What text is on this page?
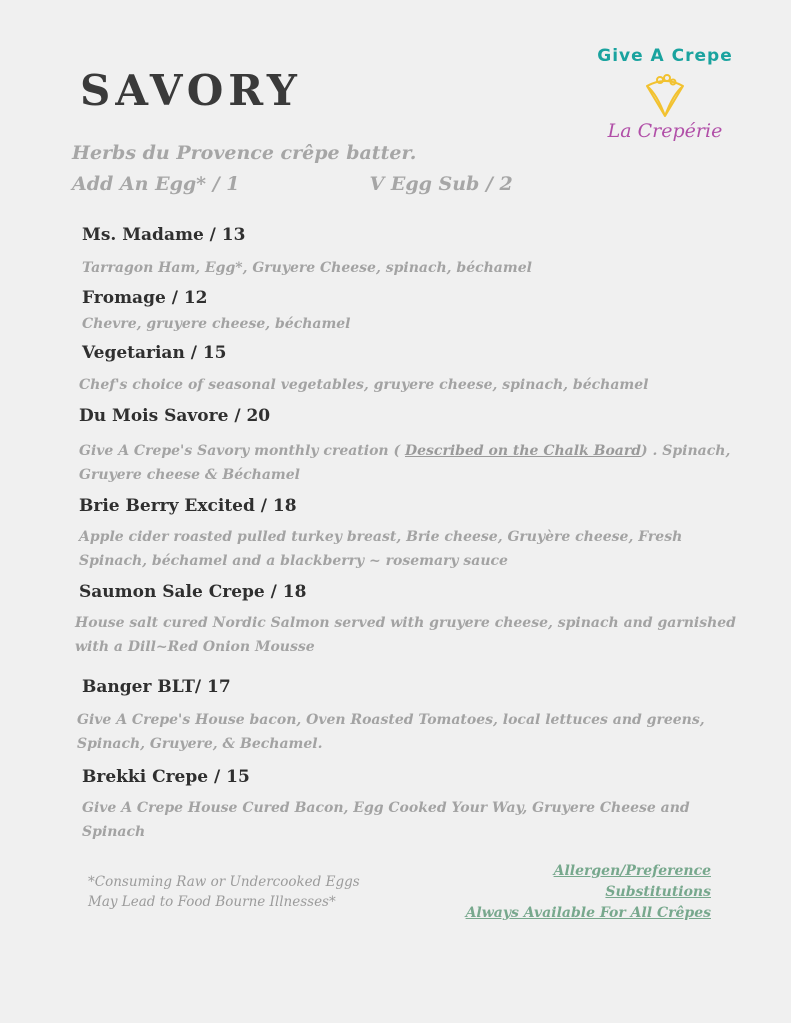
SAVORY
Give A Crepe
La Crepérie
Herbs du Provence crêpe batter.
Add An Egg* / 1	V Egg Sub / 2
Ms. Madame / 13
Tarragon Ham, Egg*, Gruyere Cheese, spinach, béchamel
Fromage / 12
Chevre, gruyere cheese, béchamel
Vegetarian / 15
Chef's choice of seasonal vegetables, gruyere cheese, spinach, béchamel
Du Mois Savore / 20
Give A Crepe's Savory monthly creation ( Described on the Chalk Board) . Spinach, Gruyere cheese & Béchamel
Brie Berry Excited / 18
Apple cider roasted pulled turkey breast, Brie cheese, Gruyère cheese, Fresh Spinach, béchamel and a blackberry ~ rosemary sauce
Saumon Sale Crepe / 18
House salt cured Nordic Salmon served with gruyere cheese, spinach and garnished with a Dill~Red Onion Mousse
Banger BLT/ 17
Give A Crepe's House bacon, Oven Roasted Tomatoes, local lettuces and greens, Spinach, Gruyere, & Bechamel.
Brekki Crepe / 15
Give A Crepe House Cured Bacon, Egg Cooked Your Way, Gruyere Cheese and Spinach
*Consuming Raw or Undercooked Eggs May Lead to Food Bourne Illnesses*
Allergen/Preference
Substitutions
Always Available For All Crêpes
